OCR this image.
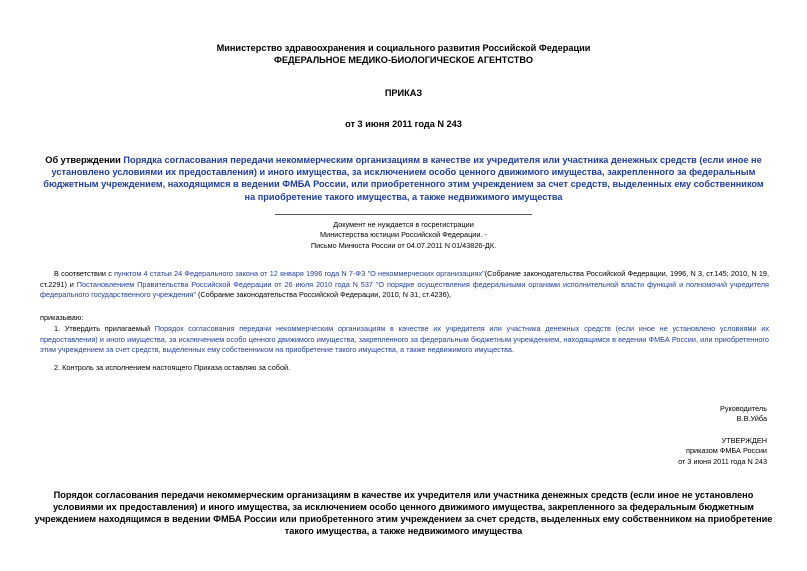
Министерство здравоохранения и социального развития Российской Федерации
ФЕДЕРАЛЬНОЕ МЕДИКО-БИОЛОГИЧЕСКОЕ АГЕНТСТВО
ПРИКАЗ
от 3 июня 2011 года N 243
Об утверждении Порядка согласования передачи некоммерческим организациям в качестве их учредителя или участника денежных средств (если иное не установлено условиями их предоставления) и иного имущества, за исключением особо ценного движимого имущества, закрепленного за федеральным бюджетным учреждением, находящимся в ведении ФМБА России, или приобретенного этим учреждением за счет средств, выделенных ему собственником на приобретение такого имущества, а также недвижимого имущества
Документ не нуждается в госрегистрации
Министерства юстиции Российской Федерации. -
Письмо Минюста России от 04.07.2011 N 01/43826-ДК.
В соответствии с пунктом 4 статьи 24 Федерального закона от 12 января 1996 года N 7-ФЗ "О некоммерческих организациях"(Собрание законодательства Российской Федерации, 1996, N 3, ст.145; 2010, N 19, ст.2291) и Постановлением Правительства Российской Федерации от 26 июля 2010 года N 537 "О порядке осуществления федеральными органами исполнительной власти функций и полномочий учредителя федерального государственного учреждения" (Собрание законодательства Российской Федерации, 2010, N 31, ст.4236),
приказываю:
1. Утвердить прилагаемый Порядок согласования передачи некоммерческим организациям в качестве их учредителя или участника денежных средств (если иное не установлено условиями их предоставления) и иного имущества, за исключением особо ценного движимого имущества, закрепленного за федеральным бюджетным учреждением, находящимся в ведении ФМБА России, или приобретенного этим учреждением за счет средств, выделенных ему собственником на приобретение такого имущества, а также недвижимого имущества.
2. Контроль за исполнением настоящего Приказа оставляю за собой.
Руководитель
В.В.Уйба
УТВЕРЖДЕН
приказом ФМБА России
от 3 июня 2011 года N 243
Порядок согласования передачи некоммерческим организациям в качестве их учредителя или участника денежных средств (если иное не установлено условиями их предоставления) и иного имущества, за исключением особо ценного движимого имущества, закрепленного за федеральным бюджетным учреждением находящимся в ведении ФМБА России или приобретенного этим учреждением за счет средств, выделенных ему собственником на приобретение такого имущества, а также недвижимого имущества
